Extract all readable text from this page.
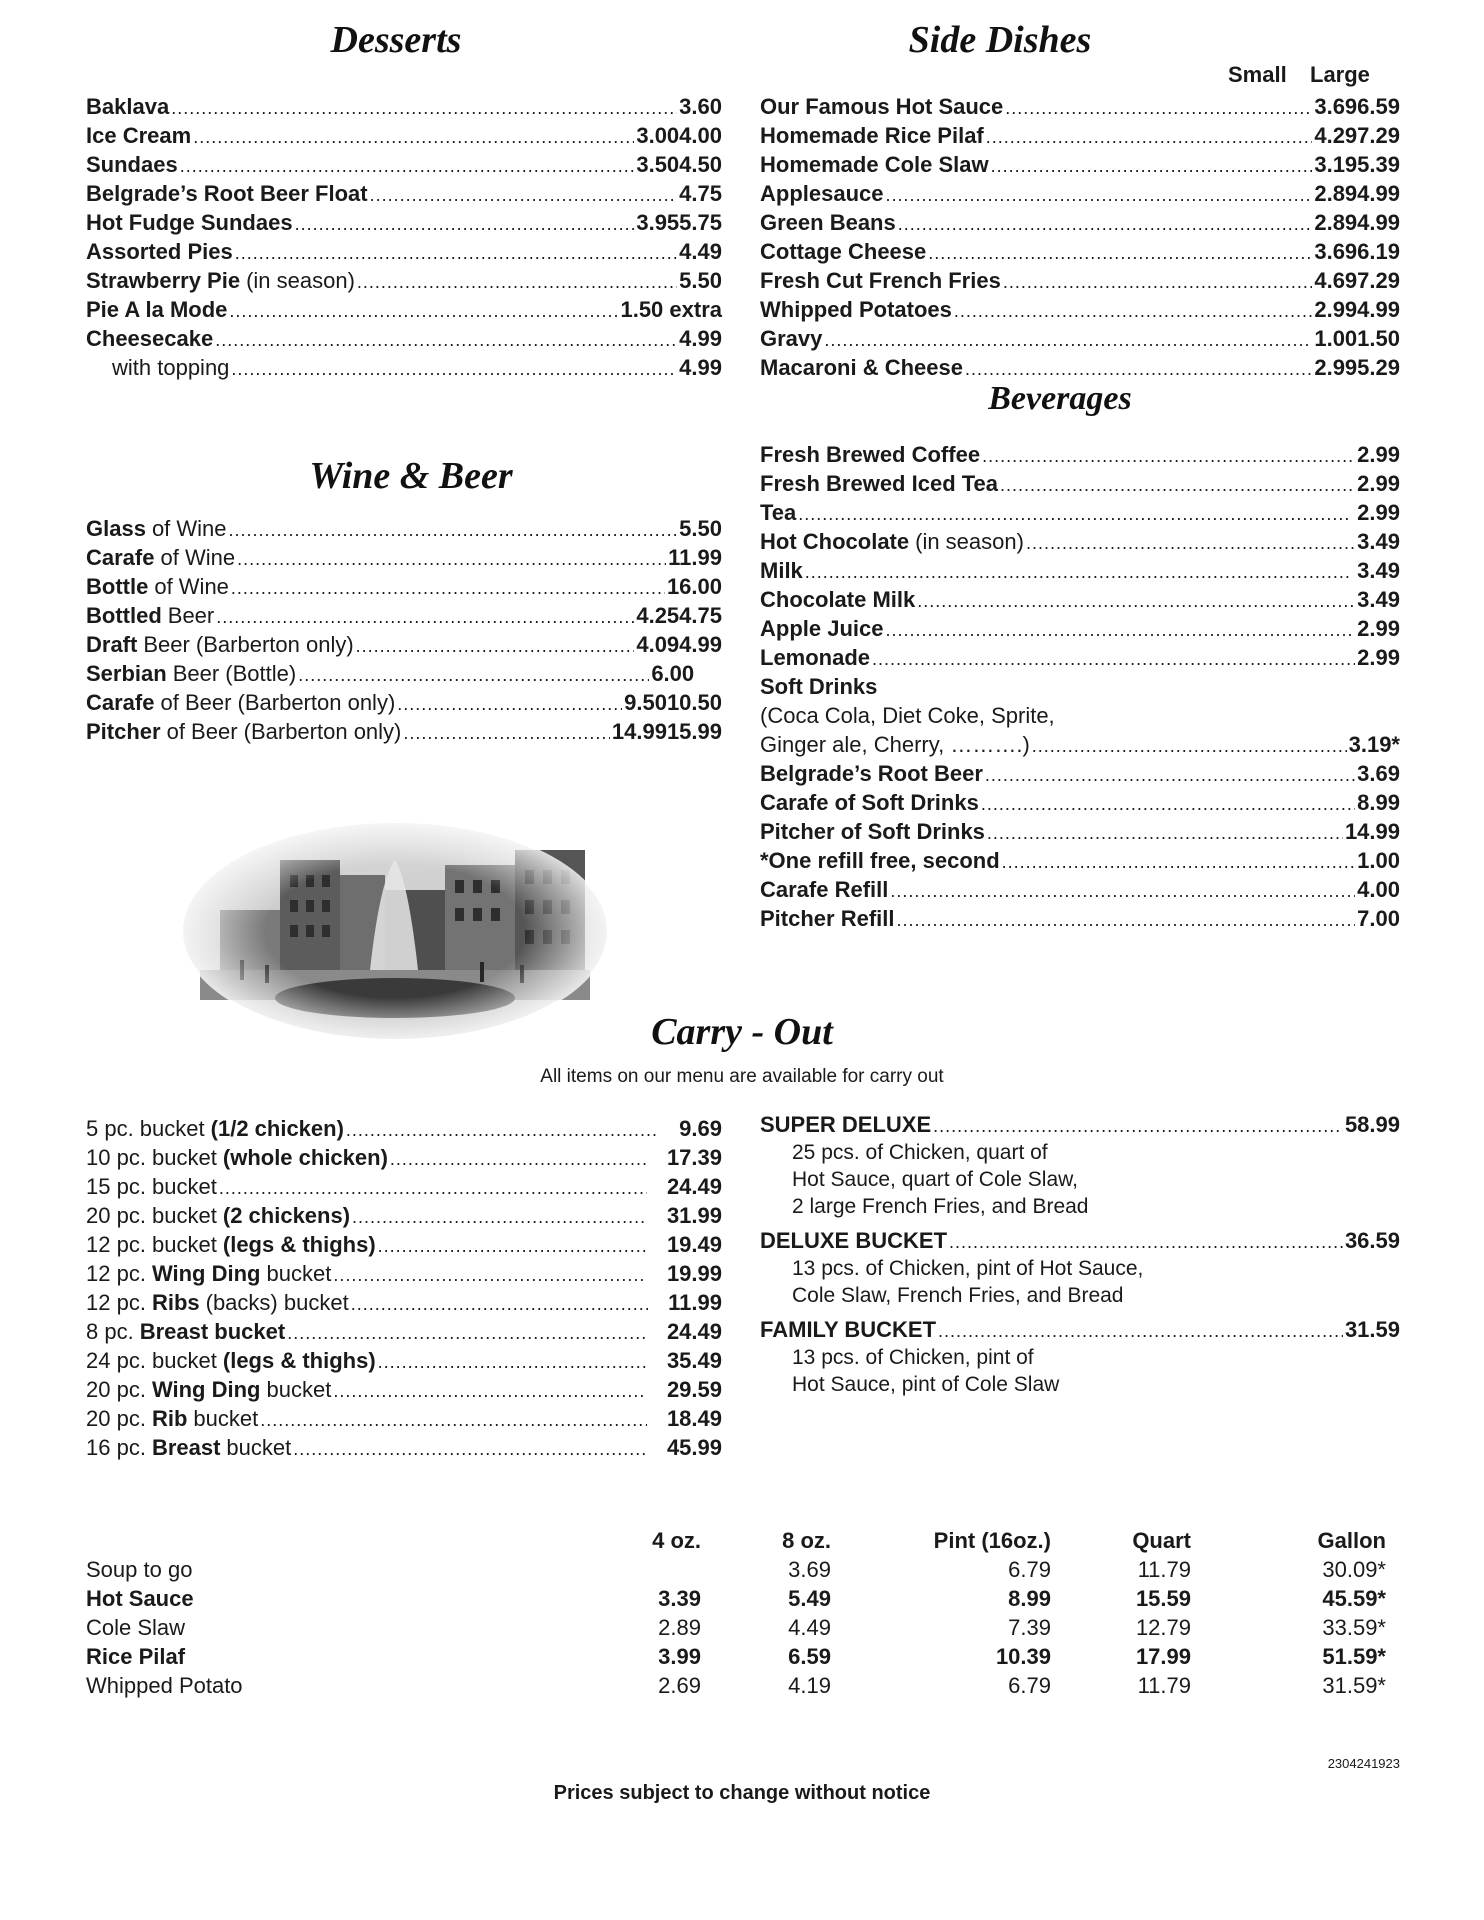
Desserts
Baklava .....	3.60
Ice Cream .....	3.00 4.00
Sundaes .....	3.50 4.50
Belgrade’s Root Beer Float .....	4.75
Hot Fudge Sundaes .....	3.95 5.75
Assorted Pies .....	4.49
Strawberry Pie (in season) .....	5.50
Pie A la Mode .....	1.50 extra
Cheesecake .....	4.99
with topping .....	4.99
Wine & Beer
Glass of Wine .....	5.50
Carafe of Wine .....	11.99
Bottle of Wine .....	16.00
Bottled Beer .....	4.25 4.75
Draft Beer (Barberton only) .....	4.09 4.99
Serbian Beer (Bottle) .....	6.00
Carafe of Beer (Barberton only) .....	9.50 10.50
Pitcher of Beer (Barberton only) .....	14.99 15.99
Side Dishes
Small Large
Our Famous Hot Sauce .....	3.69 6.59
Homemade Rice Pilaf .....	4.29 7.29
Homemade Cole Slaw .....	3.19 5.39
Applesauce .....	2.89 4.99
Green Beans .....	2.89 4.99
Cottage Cheese .....	3.69 6.19
Fresh Cut French Fries .....	4.69 7.29
Whipped Potatoes .....	2.99 4.99
Gravy .....	1.00 1.50
Macaroni & Cheese .....	2.99 5.29
Beverages
Fresh Brewed Coffee .....	2.99
Fresh Brewed Iced Tea .....	2.99
Tea .....	2.99
Hot Chocolate (in season) .....	3.49
Milk .....	3.49
Chocolate Milk .....	3.49
Apple Juice .....	2.99
Lemonade .....	2.99
Soft Drinks
(Coca Cola, Diet Coke, Sprite,
Ginger ale, Cherry, ……….) .....	3.19*
Belgrade’s Root Beer .....	3.69
Carafe of Soft Drinks .....	8.99
Pitcher of Soft Drinks .....	14.99
*One refill free, second .....	1.00
Carafe Refill .....	4.00
Pitcher Refill .....	7.00
Carry - Out
All items on our menu are available for carry out
5 pc. bucket (1/2 chicken) .....	9.69
10 pc. bucket (whole chicken) .....	17.39
15 pc. bucket .....	24.49
20 pc. bucket (2 chickens) .....	31.99
12 pc. bucket (legs & thighs) .....	19.49
12 pc. Wing Ding bucket .....	19.99
12 pc. Ribs (backs) bucket .....	11.99
8 pc. Breast bucket .....	24.49
24 pc. bucket (legs & thighs) .....	35.49
20 pc. Wing Ding bucket .....	29.59
20 pc. Rib bucket .....	18.49
16 pc. Breast bucket .....	45.99
SUPER DELUXE .....	58.99
25 pcs. of Chicken, quart of
Hot Sauce, quart of Cole Slaw,
2 large French Fries, and Bread
DELUXE BUCKET .....	36.59
13 pcs. of Chicken, pint of Hot Sauce,
Cole Slaw, French Fries, and Bread
FAMILY BUCKET .....	31.59
13 pcs. of Chicken, pint of
Hot Sauce, pint of Cole Slaw
	4 oz.	8 oz.	Pint (16oz.)	Quart	Gallon
Soup to go		3.69	6.79	11.79	30.09*
Hot Sauce	3.39	5.49	8.99	15.59	45.59*
Cole Slaw	2.89	4.49	7.39	12.79	33.59*
Rice Pilaf	3.99	6.59	10.39	17.99	51.59*
Whipped Potato	2.69	4.19	6.79	11.79	31.59*
2304241923
Prices subject to change without notice
